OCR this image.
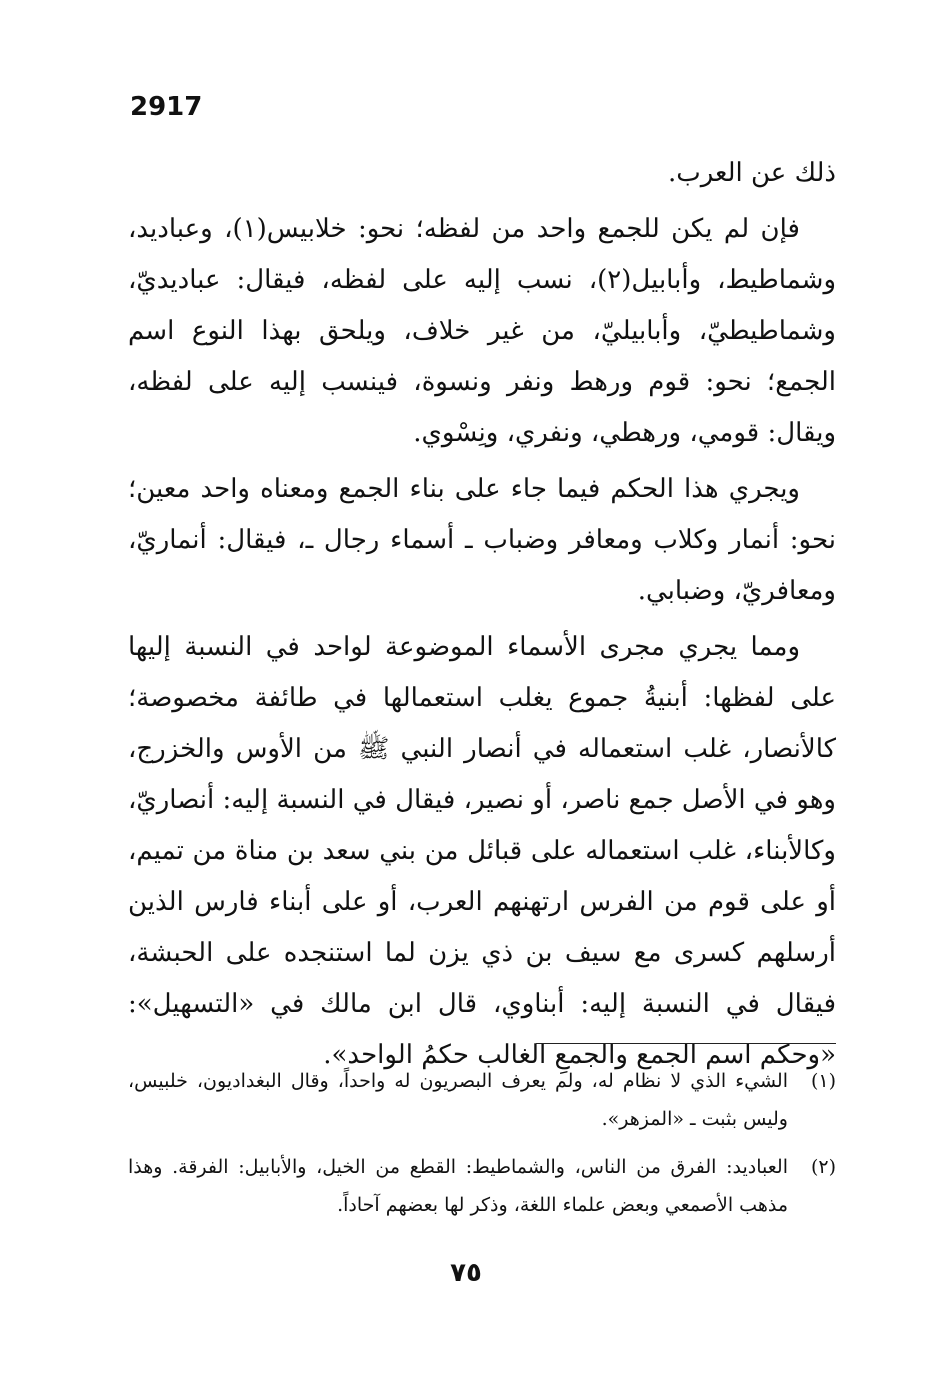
2917

ذلك عن العرب.

فإن لم يكن للجمع واحد من لفظه؛ نحو: خلابيس(١)، وعباديد، وشماطيط، وأبابيل(٢)، نسب إليه على لفظه، فيقال: عباديديّ، وشماطيطيّ، وأبابيليّ، من غير خلاف، ويلحق بهذا النوع اسم الجمع؛ نحو: قوم ورهط ونفر ونسوة، فينسب إليه على لفظه، ويقال: قومي، ورهطي، ونفري، ونِسْوي.

ويجري هذا الحكم فيما جاء على بناء الجمع ومعناه واحد معين؛ نحو: أنمار وكلاب ومعافر وضباب ـ أسماء رجال ـ، فيقال: أنماريّ، ومعافريّ، وضبابي.

ومما يجري مجرى الأسماء الموضوعة لواحد في النسبة إليها على لفظها: أبنيةُ جموع يغلب استعمالها في طائفة مخصوصة؛ كالأنصار، غلب استعماله في أنصار النبي ﷺ من الأوس والخزرج، وهو في الأصل جمع ناصر، أو نصير، فيقال في النسبة إليه: أنصاريّ، وكالأبناء، غلب استعماله على قبائل من بني سعد بن مناة من تميم، أو على قوم من الفرس ارتهنهم العرب، أو على أبناء فارس الذين أرسلهم كسرى مع سيف بن ذي يزن لما استنجده على الحبشة، فيقال في النسبة إليه: أبناوي، قال ابن مالك في «التسهيل»: «وحكم اسم الجمع والجمعِ الغالب حكمُ الواحد».

(١)
الشيء الذي لا نظام له، ولم يعرف البصريون له واحداً، وقال البغداديون، خلبيس، وليس بثبت ـ «المزهر».
(٢)
العباديد: الفرق من الناس، والشماطيط: القطع من الخيل، والأبابيل: الفرقة. وهذا مذهب الأصمعي وبعض علماء اللغة، وذكر لها بعضهم آحاداً.
٧٥
